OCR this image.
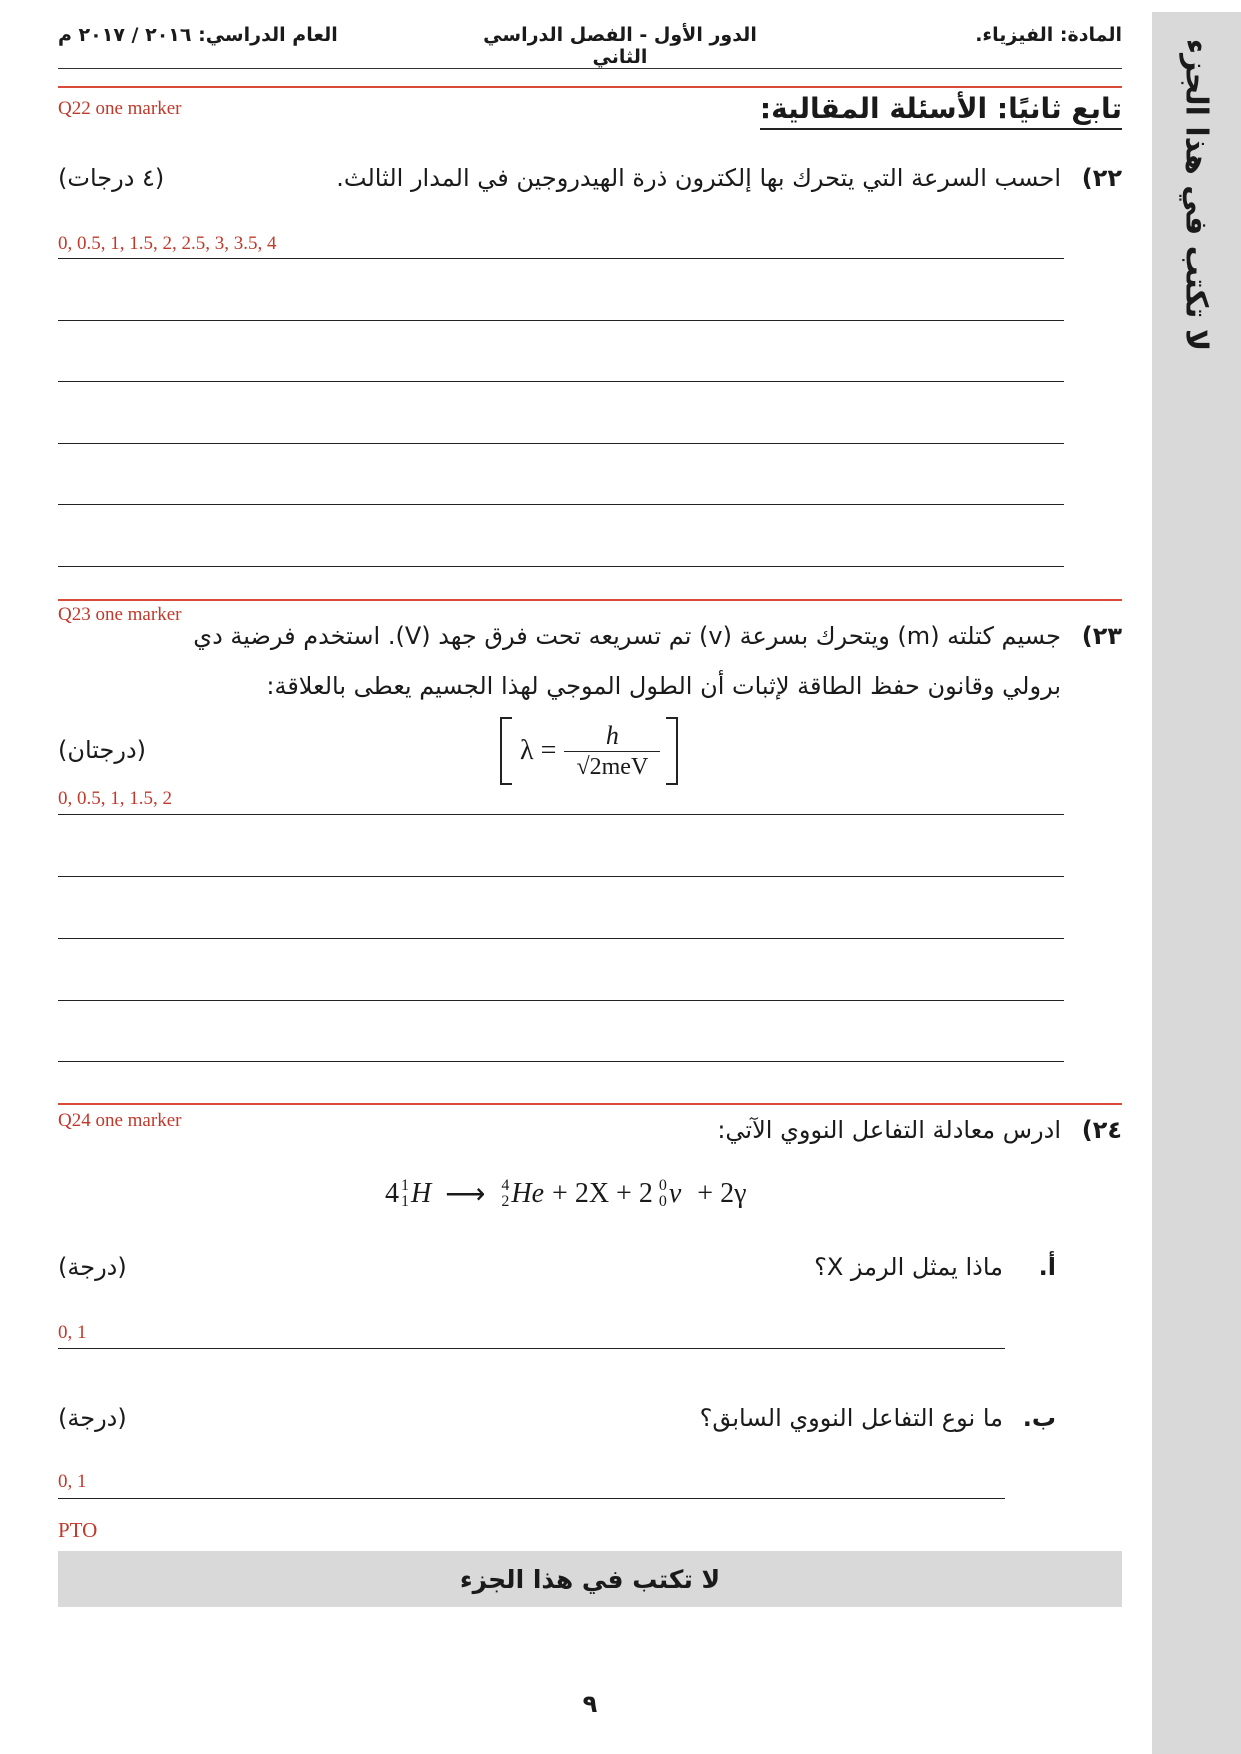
لا تكتب في هذا الجزء
المادة: الفيزياء.
الدور الأول - الفصل الدراسي الثاني
العام الدراسي: ٢٠١٦ / ٢٠١٧ م
Q22 one marker	تابع ثانيًا: الأسئلة المقالية:
٢٢)
احسب السرعة التي يتحرك بها إلكترون ذرة الهيدروجين في المدار الثالث.
(٤ درجات)
0, 0.5, 1, 1.5, 2, 2.5, 3, 3.5, 4
Q23 one marker
٢٣)
جسيم كتلته (m) ويتحرك بسرعة (v) تم تسريعه تحت فرق جهد (V). استخدم فرضية دي
برولي وقانون حفظ الطاقة لإثبات أن الطول الموجي لهذا الجسيم يعطى بالعلاقة:
λ = h
√2meV
(درجتان)
0, 0.5, 1, 1.5, 2
Q24 one marker	٢٤)
ادرس معادلة التفاعل النووي الآتي:
4 1
1 H ⟶ 4
2 He + 2X + 2 0
0 ν + 2γ
أ.
ماذا يمثل الرمز X؟
(درجة)
0, 1
ب.
ما نوع التفاعل النووي السابق؟
(درجة)
0, 1
PTO
لا تكتب في هذا الجزء
٩
